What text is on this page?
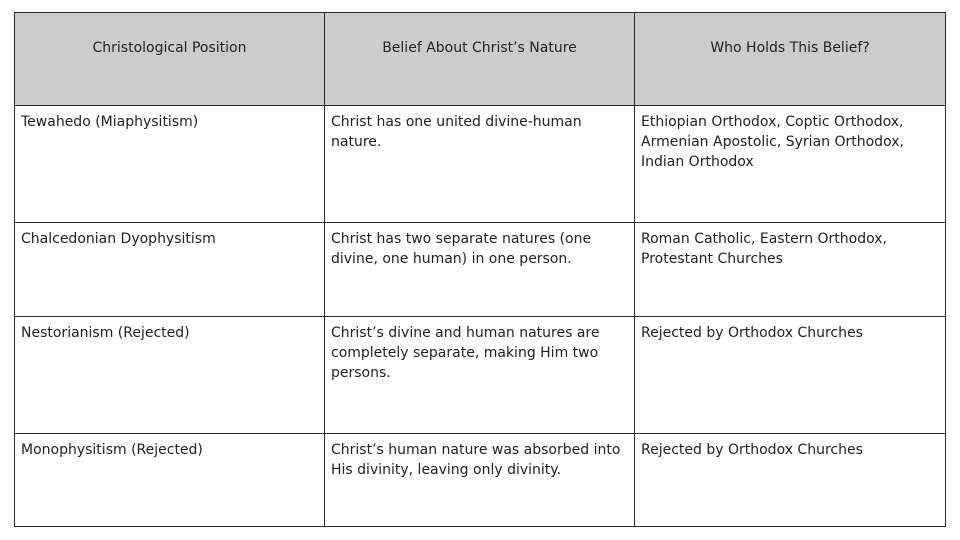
Christological Position	Belief About Christ’s Nature	Who Holds This Belief?
Tewahedo (Miaphysitism)	Christ has one united divine-human nature.	Ethiopian Orthodox, Coptic Orthodox, Armenian Apostolic, Syrian Orthodox, Indian Orthodox
Chalcedonian Dyophysitism	Christ has two separate natures (one divine, one human) in one person.	Roman Catholic, Eastern Orthodox, Protestant Churches
Nestorianism (Rejected)	Christ’s divine and human natures are completely separate, making Him two persons.	Rejected by Orthodox Churches
Monophysitism (Rejected)	Christ’s human nature was absorbed into His divinity, leaving only divinity.	Rejected by Orthodox Churches
